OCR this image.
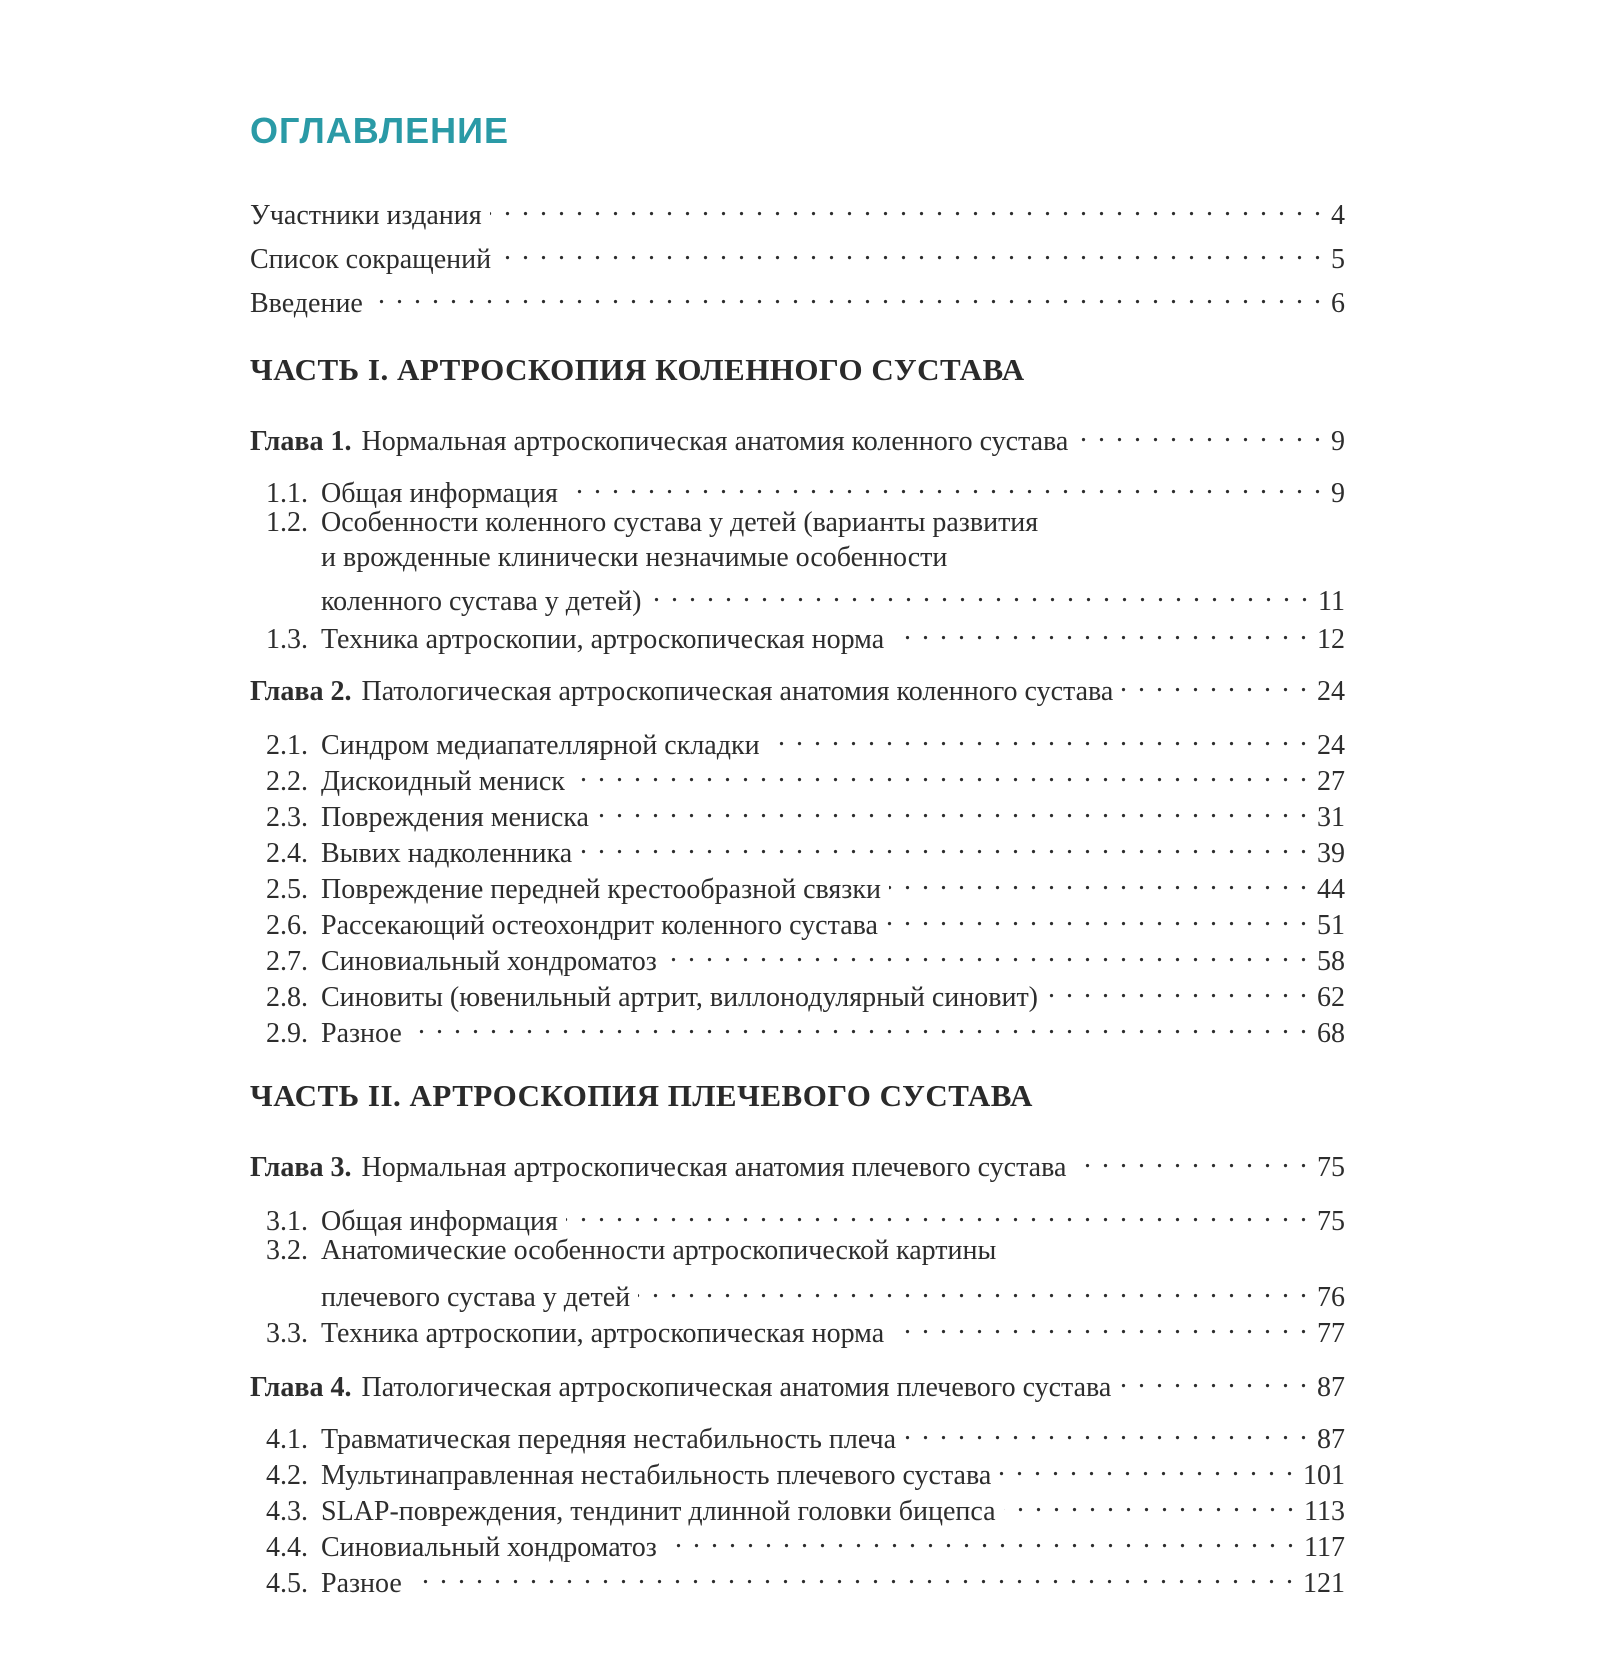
ОГЛАВЛЕНИЕ
Участники издания . . .	4
Список сокращений . . .	5
Введение . . .	6
ЧАСТЬ I. АРТРОСКОПИЯ КОЛЕННОГО СУСТАВА
Глава 1. Нормальная артроскопическая анатомия коленного сустава . . .	9
1.1. Общая информация . . .	9
1.2. Особенности коленного сустава у детей (варианты развития
и врожденные клинически незначимые особенности
коленного сустава у детей) . . .	11
1.3. Техника артроскопии, артроскопическая норма . . .	12
Глава 2. Патологическая артроскопическая анатомия коленного сустава . . .	24
2.1. Синдром медиапателлярной складки . . .	24
2.2. Дискоидный мениск . . .	27
2.3. Повреждения мениска . . .	31
2.4. Вывих надколенника . . .	39
2.5. Повреждение передней крестообразной связки . . .	44
2.6. Рассекающий остеохондрит коленного сустава . . .	51
2.7. Синовиальный хондроматоз . . .	58
2.8. Синовиты (ювенильный артрит, виллонодулярный синовит) . . .	62
2.9. Разное . . .	68
ЧАСТЬ II. АРТРОСКОПИЯ ПЛЕЧЕВОГО СУСТАВА
Глава 3. Нормальная артроскопическая анатомия плечевого сустава . . .	75
3.1. Общая информация . . .	75
3.2. Анатомические особенности артроскопической картины
плечевого сустава у детей . . .	76
3.3. Техника артроскопии, артроскопическая норма . . .	77
Глава 4. Патологическая артроскопическая анатомия плечевого сустава . . .	87
4.1. Травматическая передняя нестабильность плеча . . .	87
4.2. Мультинаправленная нестабильность плечевого сустава . . .	101
4.3. SLAP-повреждения, тендинит длинной головки бицепса . . .	113
4.4. Синовиальный хондроматоз . . .	117
4.5. Разное . . .	121
